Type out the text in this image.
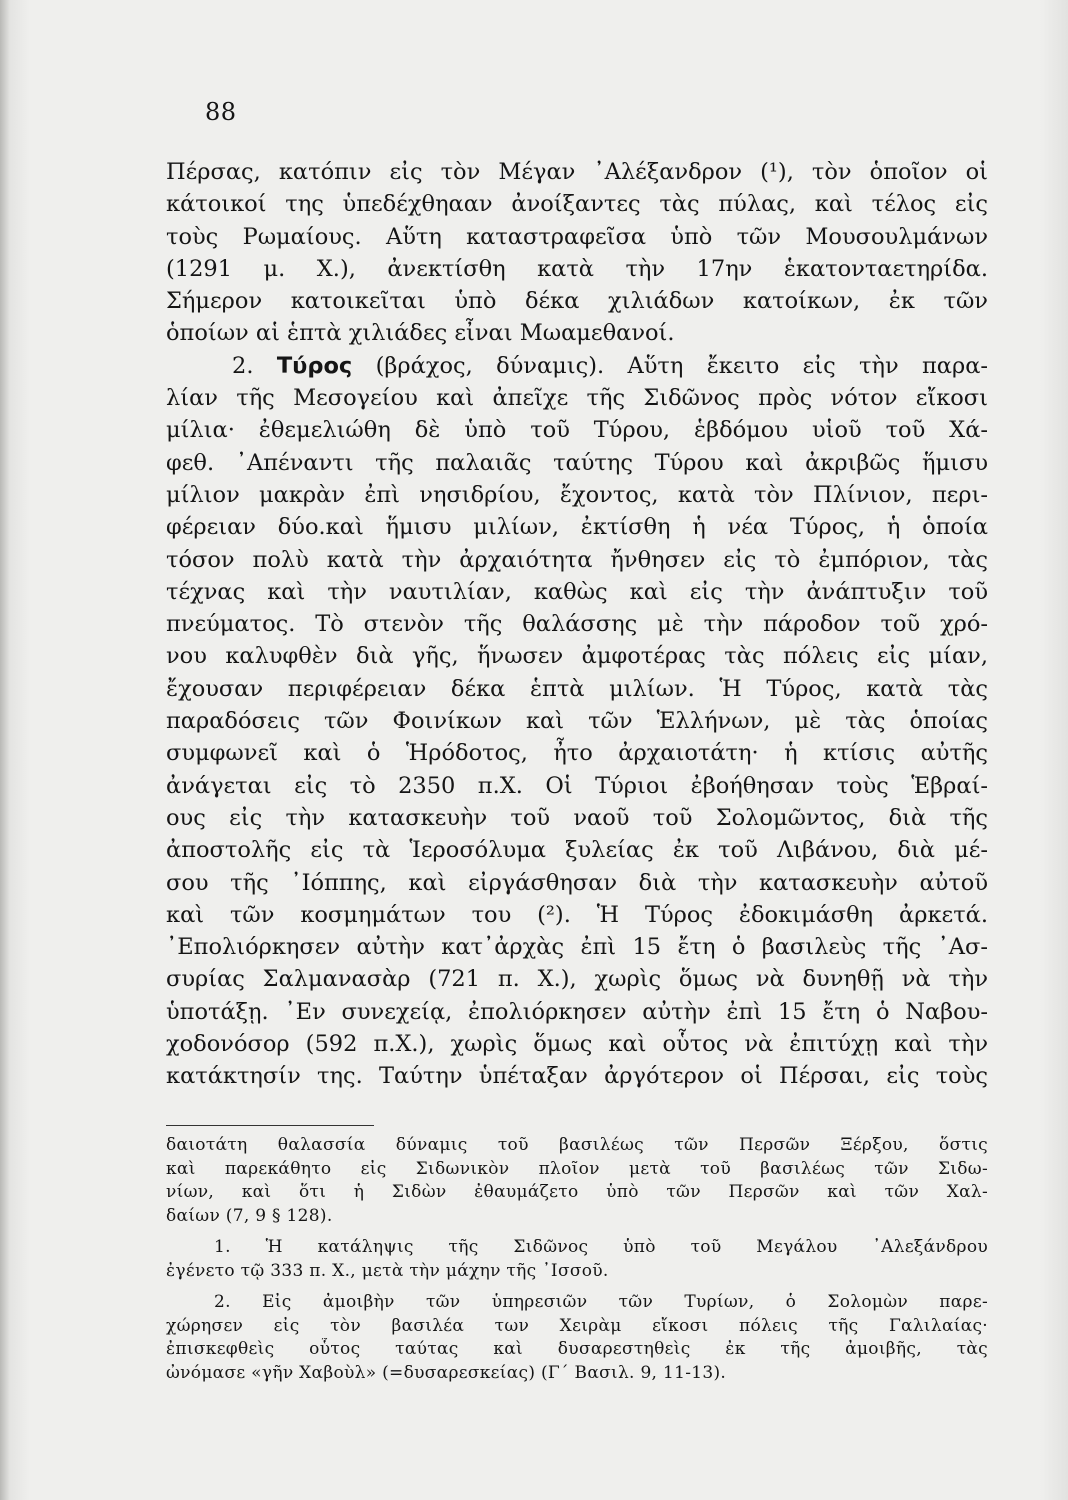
88
Πέρσας, κατόπιν εἰς τὸν Μέγαν ᾿Αλέξανδρον (¹), τὸν ὁποῖον οἱ
κάτοικοί της ὑπεδέχθηααν ἀνοίξαντες τὰς πύλας, καὶ τέλος εἰς
τοὺς Ρωμαίους. Αὕτη καταστραφεῖσα ὑπὸ τῶν Μουσουλμάνων
(1291 μ. Χ.), ἀνεκτίσθη κατὰ τὴν 17ην ἑκατονταετηρίδα.
Σήμερον κατοικεῖται ὑπὸ δέκα χιλιάδων κατοίκων, ἐκ τῶν
ὁποίων αἱ ἑπτὰ χιλιάδες εἶναι Μωαμεθανοί.
2. Τύρος (βράχος, δύναμις). Αὕτη ἔκειτο εἰς τὴν παρα-
λίαν τῆς Μεσογείου καὶ ἀπεῖχε τῆς Σιδῶνος πρὸς νότον εἴκοσι
μίλια· ἐθεμελιώθη δὲ ὑπὸ τοῦ Τύρου, ἑβδόμου υἱοῦ τοῦ Χά-
φεθ. ᾿Απέναντι τῆς παλαιᾶς ταύτης Τύρου καὶ ἀκριβῶς ἥμισυ
μίλιον μακρὰν ἐπὶ νησιδρίου, ἔχοντος, κατὰ τὸν Πλίνιον, περι-
φέρειαν δύο.καὶ ἥμισυ μιλίων, ἐκτίσθη ἡ νέα Τύρος, ἡ ὁποία
τόσον πολὺ κατὰ τὴν ἀρχαιότητα ἤνθησεν εἰς τὸ ἐμπόριον, τὰς
τέχνας καὶ τὴν ναυτιλίαν, καθὼς καὶ εἰς τὴν ἀνάπτυξιν τοῦ
πνεύματος. Τὸ στενὸν τῆς θαλάσσης μὲ τὴν πάροδον τοῦ χρό-
νου καλυφθὲν διὰ γῆς, ἥνωσεν ἀμφοτέρας τὰς πόλεις εἰς μίαν,
ἔχουσαν περιφέρειαν δέκα ἑπτὰ μιλίων. Ἡ Τύρος, κατὰ τὰς
παραδόσεις τῶν Φοινίκων καὶ τῶν Ἑλλήνων, μὲ τὰς ὁποίας
συμφωνεῖ καὶ ὁ Ἡρόδοτος, ἦτο ἀρχαιοτάτη· ἡ κτίσις αὐτῆς
ἀνάγεται εἰς τὸ 2350 π.Χ. Οἱ Τύριοι ἐβοήθησαν τοὺς Ἑβραί-
ους εἰς τὴν κατασκευὴν τοῦ ναοῦ τοῦ Σολομῶντος, διὰ τῆς
ἀποστολῆς εἰς τὰ Ἱεροσόλυμα ξυλείας ἐκ τοῦ Λιβάνου, διὰ μέ-
σου τῆς ᾿Ιόππης, καὶ εἰργάσθησαν διὰ τὴν κατασκευὴν αὐτοῦ
καὶ τῶν κοσμημάτων του (²). Ἡ Τύρος ἐδοκιμάσθη ἀρκετά.
᾿Επολιόρκησεν αὐτὴν κατ᾿ἀρχὰς ἐπὶ 15 ἔτη ὁ βασιλεὺς τῆς ᾿Ασ-
συρίας Σαλμανασὰρ (721 π. Χ.), χωρὶς ὅμως νὰ δυνηθῇ νὰ τὴν
ὑποτάξῃ. ᾿Εν συνεχείᾳ, ἐπολιόρκησεν αὐτὴν ἐπὶ 15 ἔτη ὁ Ναβου-
χοδονόσορ (592 π.Χ.), χωρὶς ὅμως καὶ οὗτος νὰ ἐπιτύχῃ καὶ τὴν
κατάκτησίν της. Ταύτην ὑπέταξαν ἀργότερον οἱ Πέρσαι, εἰς τοὺς
δαιοτάτη θαλασσία δύναμις τοῦ βασιλέως τῶν Περσῶν Ξέρξου, ὅστις
καὶ παρεκάθητο εἰς Σιδωνικὸν πλοῖον μετὰ τοῦ βασιλέως τῶν Σιδω-
νίων, καὶ ὅτι ἡ Σιδὼν ἐθαυμάζετο ὑπὸ τῶν Περσῶν καὶ τῶν Χαλ-
δαίων (7, 9 § 128).
1. Ἡ κατάληψις τῆς Σιδῶνος ὑπὸ τοῦ Μεγάλου ᾿Αλεξάνδρου
ἐγένετο τῷ 333 π. Χ., μετὰ τὴν μάχην τῆς ᾿Ισσοῦ.
2. Εἰς ἀμοιβὴν τῶν ὑπηρεσιῶν τῶν Τυρίων, ὁ Σολομὼν παρε-
χώρησεν εἰς τὸν βασιλέα των Χειρὰμ εἴκοσι πόλεις τῆς Γαλιλαίας·
ἐπισκεφθεὶς οὗτος ταύτας καὶ δυσαρεστηθεὶς ἐκ τῆς ἀμοιβῆς, τὰς
ὠνόμασε «γῆν Χαβοὺλ» (=δυσαρεσκείας) (Γ΄ Βασιλ. 9, 11-13).
